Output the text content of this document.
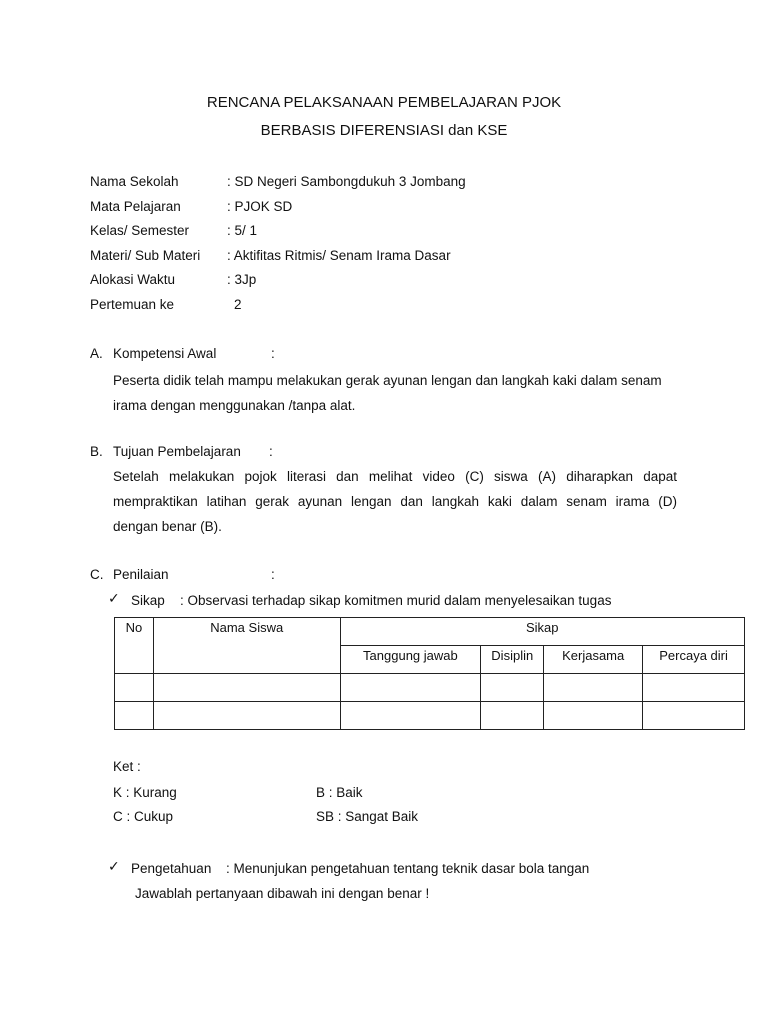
RENCANA PELAKSANAAN PEMBELAJARAN PJOK
BERBASIS DIFERENSIASI dan KSE
Nama Sekolah	: SD Negeri Sambongdukuh 3 Jombang
Mata Pelajaran	: PJOK SD
Kelas/ Semester	: 5/ 1
Materi/ Sub Materi : Aktifitas Ritmis/ Senam Irama Dasar
Alokasi Waktu	: 3Jp
Pertemuan ke	2
A. Kompetensi Awal	:
Peserta didik telah mampu melakukan gerak ayunan lengan dan langkah kaki dalam senam
irama dengan menggunakan /tanpa alat.
B. Tujuan Pembelajaran :
Setelah melakukan pojok literasi dan melihat video (C) siswa (A) diharapkan dapat
mempraktikan latihan gerak ayunan lengan dan langkah kaki dalam senam irama (D)
dengan benar (B).
C. Penilaian	:
✓ Sikap : Observasi terhadap sikap komitmen murid dalam menyelesaikan tugas
No	Nama Siswa	Sikap			
		Tanggung jawab	Disiplin	Kerjasama	Percaya diri

Ket :
K : Kurang	B : Baik
C : Cukup	SB : Sangat Baik
✓ Pengetahuan : Menunjukan pengetahuan tentang teknik dasar bola tangan
Jawablah pertanyaan dibawah ini dengan benar !
